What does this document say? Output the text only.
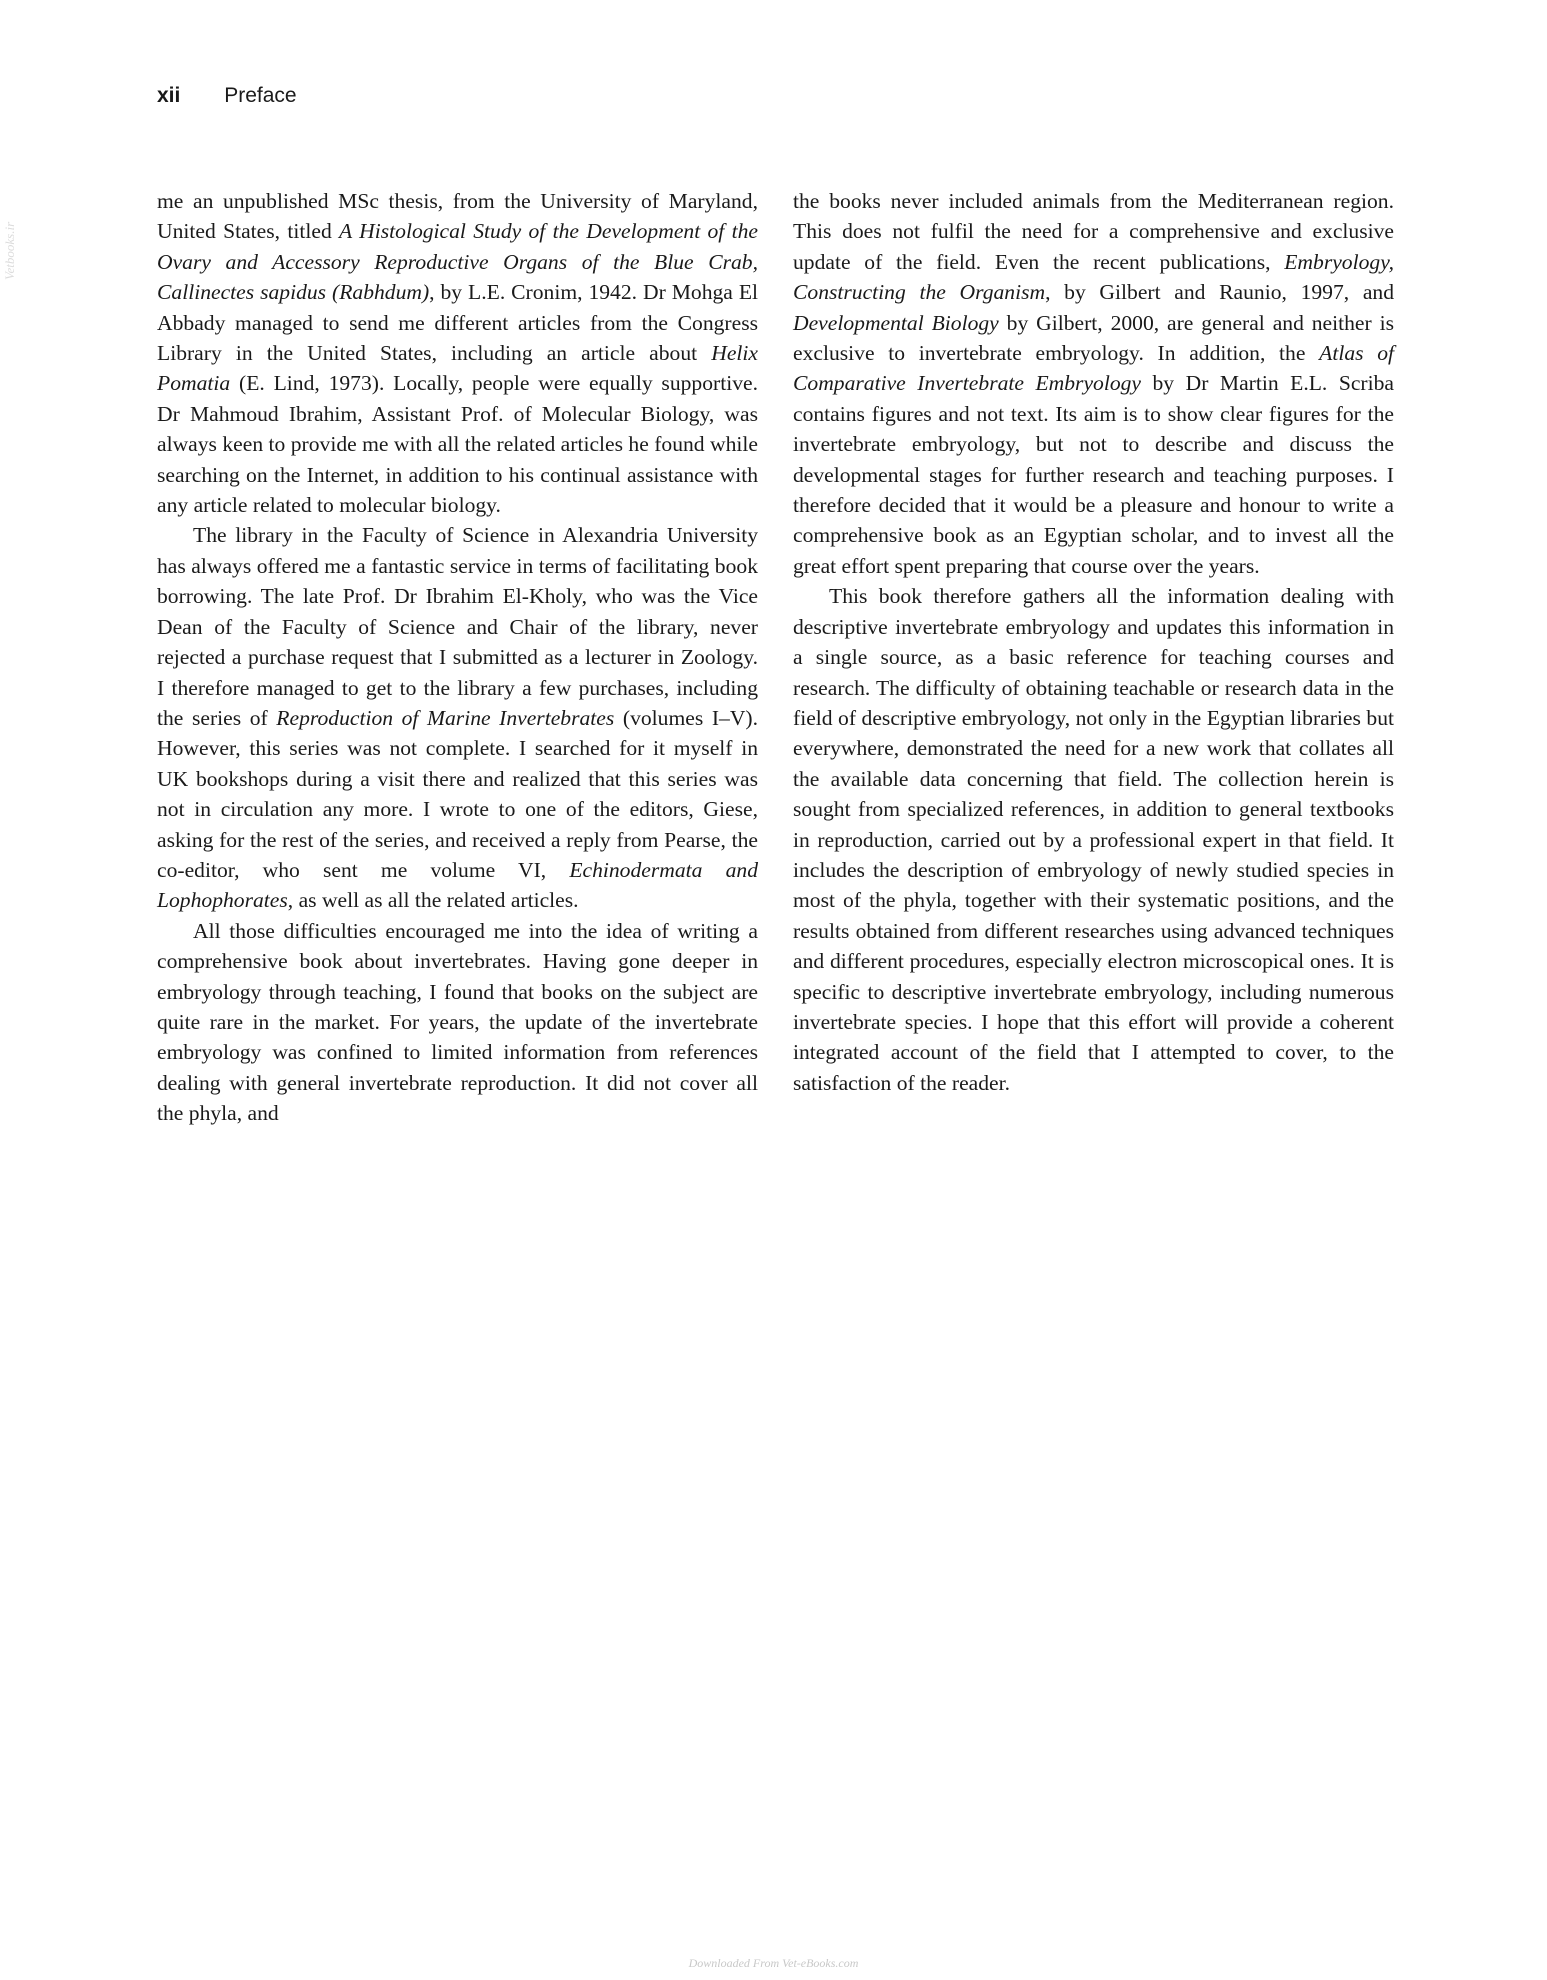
Vetbooks.ir
xii Preface

me an unpublished MSc thesis, from the University of Maryland, United States, titled A Histological Study of the Development of the Ovary and Accessory Reproductive Organs of the Blue Crab, Callinectes sapidus (Rabhdum), by L.E. Cronim, 1942. Dr Mohga El Abbady managed to send me different articles from the Congress Library in the United States, including an article about Helix Pomatia (E. Lind, 1973). Locally, people were equally supportive. Dr Mahmoud Ibrahim, Assistant Prof. of Molecular Biology, was always keen to provide me with all the related articles he found while searching on the Internet, in addition to his continual assistance with any article related to molecular biology.

The library in the Faculty of Science in Alexandria University has always offered me a fantastic service in terms of facilitating book borrowing. The late Prof. Dr Ibrahim El-Kholy, who was the Vice Dean of the Faculty of Science and Chair of the library, never rejected a purchase request that I submitted as a lecturer in Zoology. I therefore managed to get to the library a few purchases, including the series of Reproduction of Marine Invertebrates (volumes I–V). However, this series was not complete. I searched for it myself in UK bookshops during a visit there and realized that this series was not in circulation any more. I wrote to one of the editors, Giese, asking for the rest of the series, and received a reply from Pearse, the co-editor, who sent me volume VI, Echinodermata and Lophophorates, as well as all the related articles.

All those difficulties encouraged me into the idea of writing a comprehensive book about invertebrates. Having gone deeper in embryology through teaching, I found that books on the subject are quite rare in the market. For years, the update of the invertebrate embryology was confined to limited information from references dealing with general invertebrate reproduction. It did not cover all the phyla, and

the books never included animals from the Mediterranean region. This does not fulfil the need for a comprehensive and exclusive update of the field. Even the recent publications, Embryology, Constructing the Organism, by Gilbert and Raunio, 1997, and Developmental Biology by Gilbert, 2000, are general and neither is exclusive to invertebrate embryology. In addition, the Atlas of Comparative Invertebrate Embryology by Dr Martin E.L. Scriba contains figures and not text. Its aim is to show clear figures for the invertebrate embryology, but not to describe and discuss the developmental stages for further research and teaching purposes. I therefore decided that it would be a pleasure and honour to write a comprehensive book as an Egyptian scholar, and to invest all the great effort spent preparing that course over the years.

This book therefore gathers all the information dealing with descriptive invertebrate embryology and updates this information in a single source, as a basic reference for teaching courses and research. The difficulty of obtaining teachable or research data in the field of descriptive embryology, not only in the Egyptian libraries but everywhere, demonstrated the need for a new work that collates all the available data concerning that field. The collection herein is sought from specialized references, in addition to general textbooks in reproduction, carried out by a professional expert in that field. It includes the description of embryology of newly studied species in most of the phyla, together with their systematic positions, and the results obtained from different researches using advanced techniques and different procedures, especially electron microscopical ones. It is specific to descriptive invertebrate embryology, including numerous invertebrate species. I hope that this effort will provide a coherent integrated account of the field that I attempted to cover, to the satisfaction of the reader.

Downloaded From Vet-eBooks.com
